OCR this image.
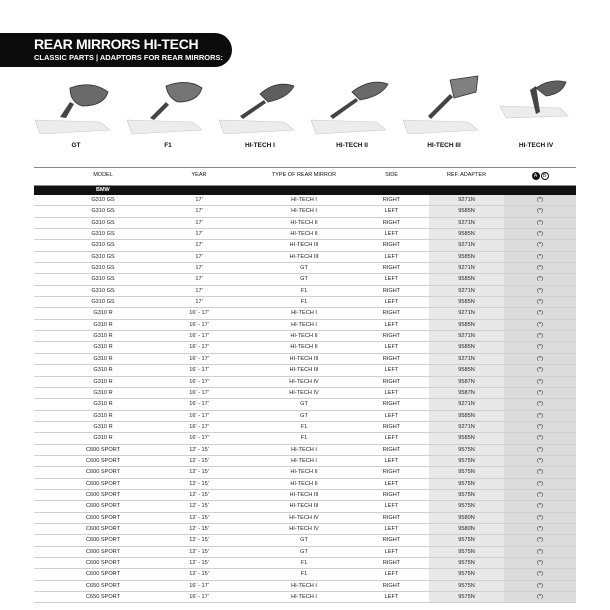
REAR MIRRORS HI-TECH
CLASSIC PARTS | ADAPTORS FOR REAR MIRRORS:
GT	F1	HI-TECH I	HI-TECH II	HI-TECH III	HI-TECH IV
MODEL	YEAR	TYPE OF REAR MIRROR	SIDE	REF. ADAPTER	A B
BMW
G310 GS	17'	HI-TECH I	RIGHT	9271N	(*)
G310 GS	17'	HI-TECH I	LEFT	9585N	(*)
G310 GS	17'	HI-TECH II	RIGHT	9271N	(*)
G310 GS	17'	HI-TECH II	LEFT	9585N	(*)
G310 GS	17'	HI-TECH III	RIGHT	9271N	(*)
G310 GS	17'	HI-TECH III	LEFT	9585N	(*)
G310 GS	17'	GT	RIGHT	9271N	(*)
G310 GS	17'	GT	LEFT	9585N	(*)
G310 GS	17'	F1	RIGHT	9271N	(*)
G310 GS	17'	F1	LEFT	9585N	(*)
G310 R	16' - 17'	HI-TECH I	RIGHT	9271N	(*)
G310 R	16' - 17'	HI-TECH I	LEFT	9585N	(*)
G310 R	16' - 17'	HI-TECH II	RIGHT	9271N	(*)
G310 R	16' - 17'	HI-TECH II	LEFT	9585N	(*)
G310 R	16' - 17'	HI-TECH III	RIGHT	9271N	(*)
G310 R	16' - 17'	HI-TECH III	LEFT	9585N	(*)
G310 R	16' - 17'	HI-TECH IV	RIGHT	9587N	(*)
G310 R	16' - 17'	HI-TECH IV	LEFT	9587N	(*)
G310 R	16' - 17'	GT	RIGHT	9271N	(*)
G310 R	16' - 17'	GT	LEFT	9585N	(*)
G310 R	16' - 17'	F1	RIGHT	9271N	(*)
G310 R	16' - 17'	F1	LEFT	9585N	(*)
C600 SPORT	12' - 15'	HI-TECH I	RIGHT	9575N	(*)
C600 SPORT	12' - 15'	HI-TECH I	LEFT	9575N	(*)
C600 SPORT	12' - 15'	HI-TECH II	RIGHT	9575N	(*)
C600 SPORT	12' - 15'	HI-TECH II	LEFT	9575N	(*)
C600 SPORT	12' - 15'	HI-TECH III	RIGHT	9575N	(*)
C600 SPORT	12' - 15'	HI-TECH III	LEFT	9575N	(*)
C600 SPORT	12' - 15'	HI-TECH IV	RIGHT	9580N	(*)
C600 SPORT	12' - 15'	HI-TECH IV	LEFT	9580N	(*)
C600 SPORT	12' - 15'	GT	RIGHT	9575N	(*)
C600 SPORT	12' - 15'	GT	LEFT	9575N	(*)
C600 SPORT	12' - 15'	F1	RIGHT	9575N	(*)
C600 SPORT	12' - 15'	F1	LEFT	9575N	(*)
C650 SPORT	16' - 17'	HI-TECH I	RIGHT	9575N	(*)
C650 SPORT	16' - 17'	HI-TECH I	LEFT	9575N	(*)
